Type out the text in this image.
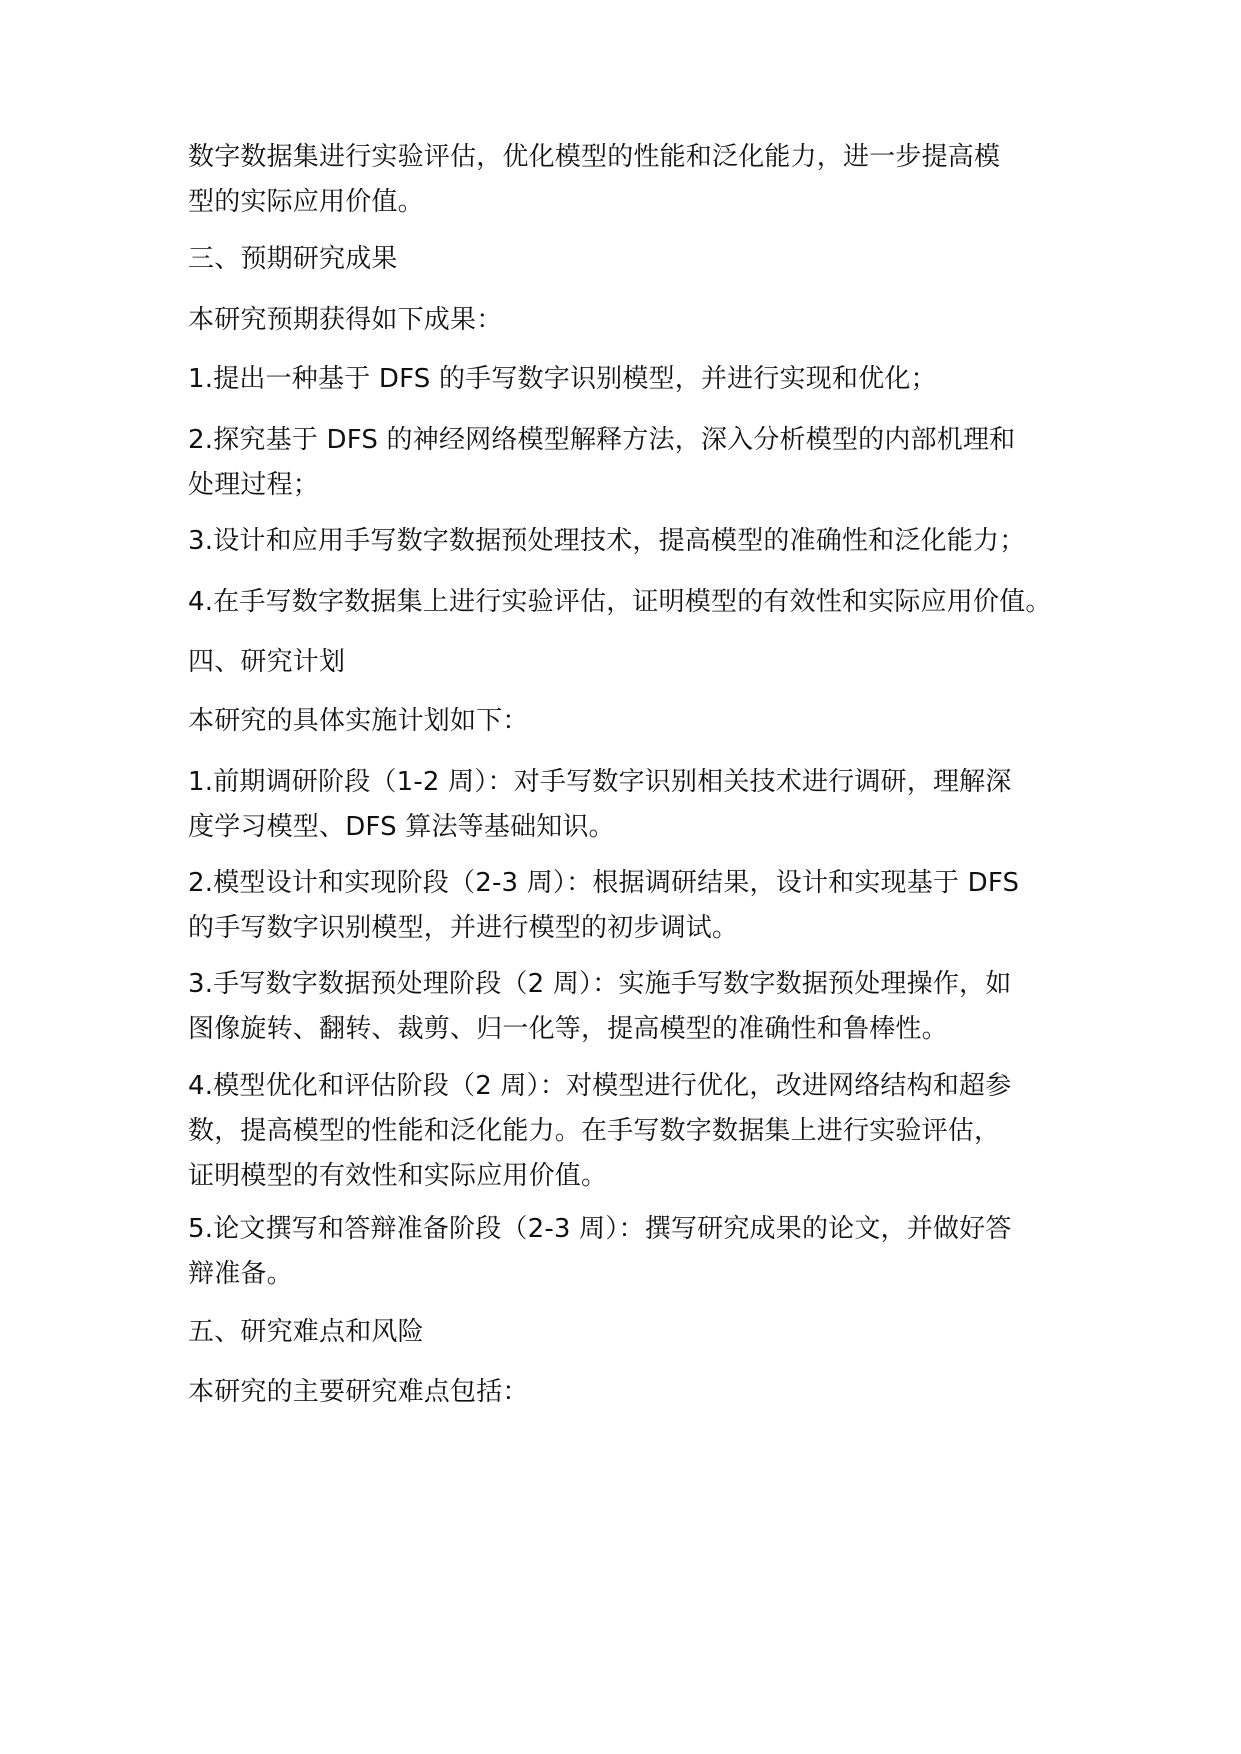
数字数据集进行实验评估，优化模型的性能和泛化能力，进一步提高模
型的实际应用价值。
三、预期研究成果
本研究预期获得如下成果：
1.提出一种基于 DFS 的手写数字识别模型，并进行实现和优化；
2.探究基于 DFS 的神经网络模型解释方法，深入分析模型的内部机理和
处理过程；
3.设计和应用手写数字数据预处理技术，提高模型的准确性和泛化能力；
4.在手写数字数据集上进行实验评估，证明模型的有效性和实际应用价值。
四、研究计划
本研究的具体实施计划如下：
1.前期调研阶段（1-2 周）：对手写数字识别相关技术进行调研，理解深
度学习模型、DFS 算法等基础知识。
2.模型设计和实现阶段（2-3 周）：根据调研结果，设计和实现基于 DFS
的手写数字识别模型，并进行模型的初步调试。
3.手写数字数据预处理阶段（2 周）：实施手写数字数据预处理操作，如
图像旋转、翻转、裁剪、归一化等，提高模型的准确性和鲁棒性。
4.模型优化和评估阶段（2 周）：对模型进行优化，改进网络结构和超参
数，提高模型的性能和泛化能力。在手写数字数据集上进行实验评估，
证明模型的有效性和实际应用价值。
5.论文撰写和答辩准备阶段（2-3 周）：撰写研究成果的论文，并做好答
辩准备。
五、研究难点和风险
本研究的主要研究难点包括：
